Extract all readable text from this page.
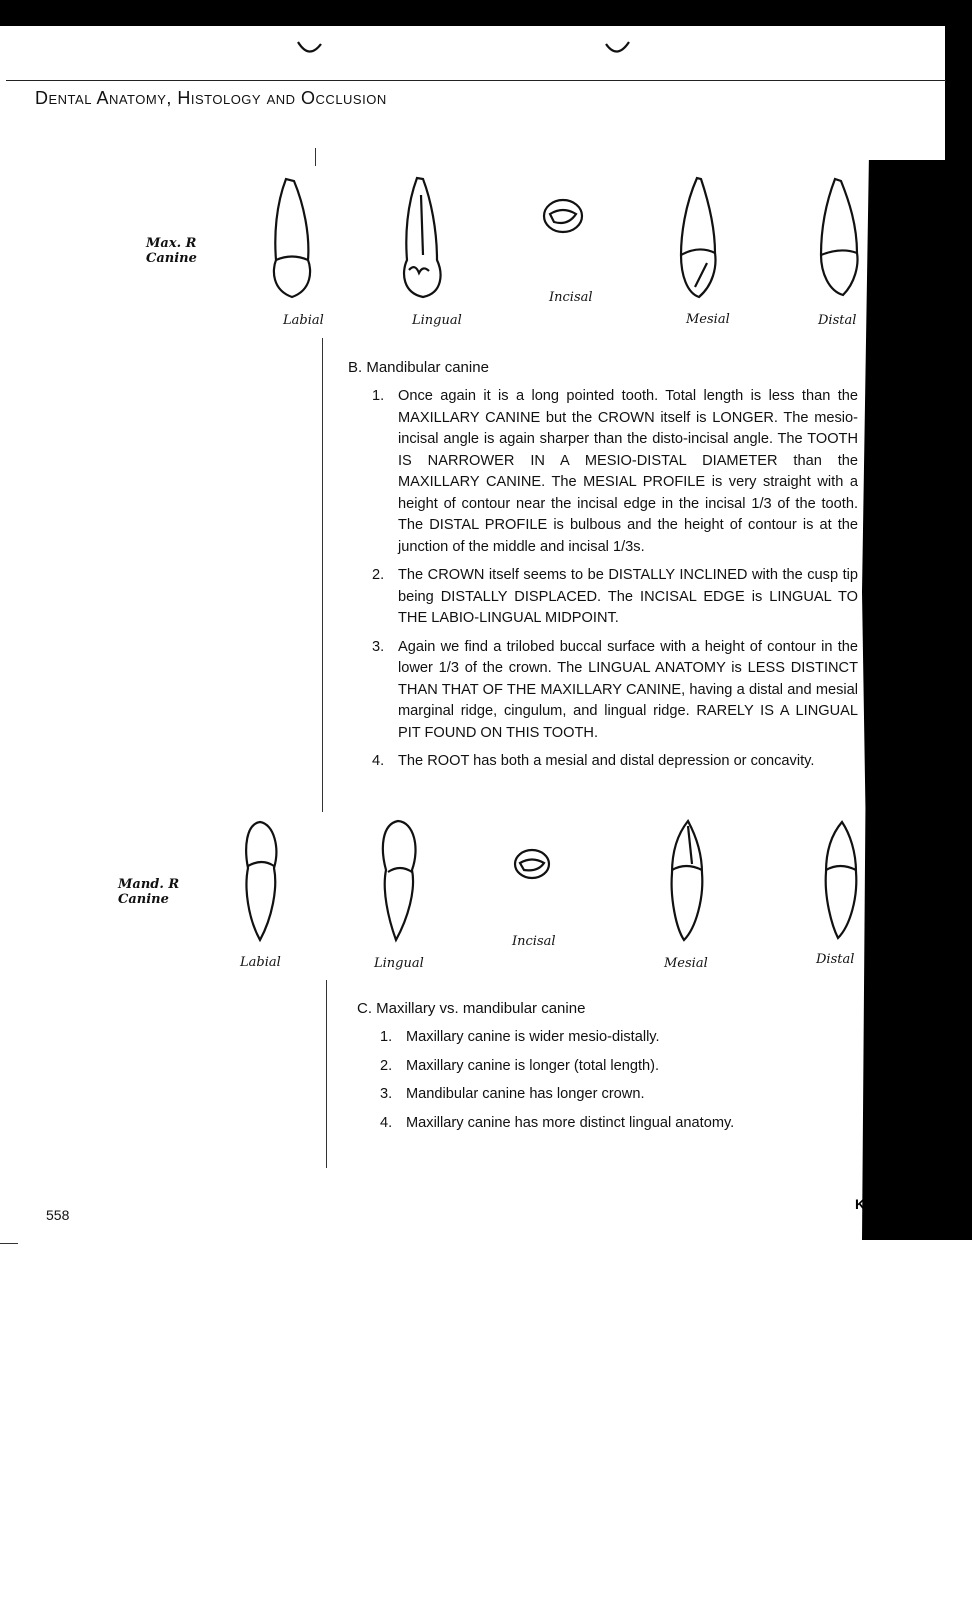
Dental Anatomy, Histology and Occlusion
Max. R
Canine
Incisal
Labial	Lingual	Mesial	Distal
B. Mandibular canine
1. Once again it is a long pointed tooth. Total length is less than the MAXILLARY CANINE but the CROWN itself is LONGER. The mesio-incisal angle is again sharper than the disto-incisal angle. The TOOTH IS NARROWER IN A MESIO-DISTAL DIAMETER than the MAXILLARY CANINE. The MESIAL PROFILE is very straight with a height of contour near the incisal edge in the incisal 1/3 of the tooth. The DISTAL PROFILE is bulbous and the height of contour is at the junction of the middle and incisal 1/3s.
2. The CROWN itself seems to be DISTALLY INCLINED with the cusp tip being DISTALLY DISPLACED. The INCISAL EDGE is LINGUAL TO THE LABIO-LINGUAL MIDPOINT.
3. Again we find a trilobed buccal surface with a height of contour in the lower 1/3 of the crown. The LINGUAL ANATOMY is LESS DISTINCT THAN THAT OF THE MAXILLARY CANINE, having a distal and mesial marginal ridge, cingulum, and lingual ridge. RARELY IS A LINGUAL PIT FOUND ON THIS TOOTH.
4. The ROOT has both a mesial and distal depression or concavity.
Mand. R
Canine
Incisal
Distal
Labial	Lingual	Mesial
C. Maxillary vs. mandibular canine
1. Maxillary canine is wider mesio-distally.
2. Maxillary canine is longer (total length).
3. Mandibular canine has longer crown.
4. Maxillary canine has more distinct lingual anatomy.
558
K
